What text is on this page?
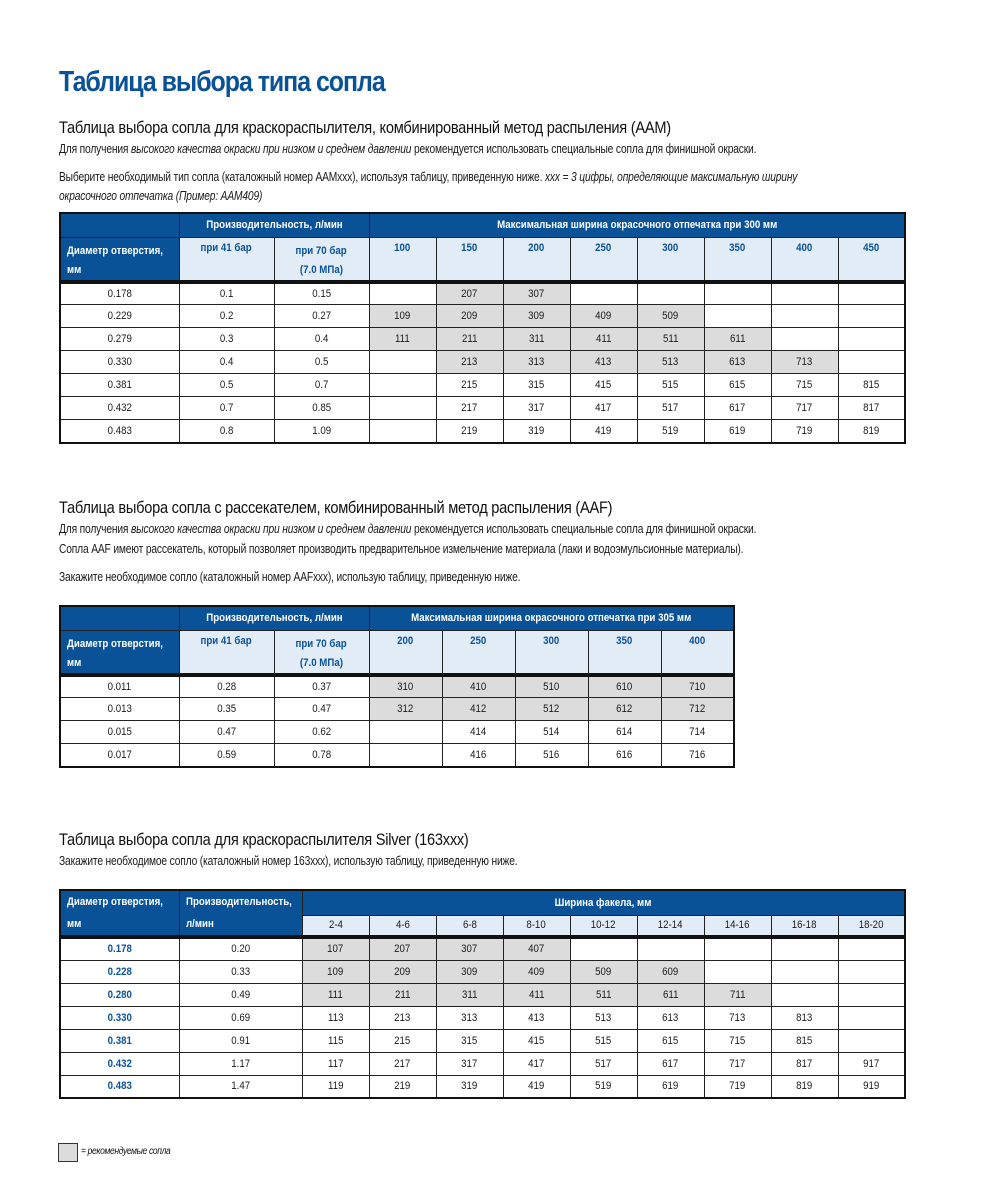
Таблица выбора типа сопла
Таблица выбора сопла для краскораспылителя, комбинированный метод распыления (AAM)
Для получения высокого качества окраски при низком и среднем давлении рекомендуется использовать специальные сопла для финишной окраски.
Выберите необходимый тип сопла (каталожный номер AAMxxx), используя таблицу, приведенную ниже. xxx = 3 цифры, определяющие максимальную ширину
окрасочного отпечатка (Пример: AAM409)
	Производительность, л/мин		Максимальная ширина окрасочного отпечатка при 300 мм							
Диаметр отверстия,
мм	при 41 бар	при 70 бар
(7.0 МПа)	100	150	200	250	300	350	400	450
0.178	0.1	0.15		207	307					
0.229	0.2	0.27	109	209	309	409	509			
0.279	0.3	0.4	111	211	311	411	511	611		
0.330	0.4	0.5		213	313	413	513	613	713	
0.381	0.5	0.7		215	315	415	515	615	715	815
0.432	0.7	0.85		217	317	417	517	617	717	817
0.483	0.8	1.09		219	319	419	519	619	719	819
Таблица выбора сопла с рассекателем, комбинированный метод распыления (AAF)
Для получения высокого качества окраски при низком и среднем давлении рекомендуется использовать специальные сопла для финишной окраски.
Сопла AAF имеют рассекатель, который позволяет производить предварительное измельчение материала (лаки и водоэмульсионные материалы).
Закажите необходимое сопло (каталожный номер AAFxxx), использую таблицу, приведенную ниже.
	Производительность, л/мин		Максимальная ширина окрасочного отпечатка при 305 мм				
Диаметр отверстия,
мм	при 41 бар	при 70 бар
(7.0 МПа)	200	250	300	350	400
0.011	0.28	0.37	310	410	510	610	710
0.013	0.35	0.47	312	412	512	612	712
0.015	0.47	0.62		414	514	614	714
0.017	0.59	0.78		416	516	616	716
Таблица выбора сопла для краскораспылителя Silver (163xxx)
Закажите необходимое сопло (каталожный номер 163xxx), использую таблицу, приведенную ниже.
Диаметр отверстия,
мм	Производительность,
л/мин	Ширина факела, мм								
		2-4	4-6	6-8	8-10	10-12	12-14	14-16	16-18	18-20
0.178	0.20	107	207	307	407					
0.228	0.33	109	209	309	409	509	609			
0.280	0.49	111	211	311	411	511	611	711		
0.330	0.69	113	213	313	413	513	613	713	813	
0.381	0.91	115	215	315	415	515	615	715	815	
0.432	1.17	117	217	317	417	517	617	717	817	917
0.483	1.47	119	219	319	419	519	619	719	819	919
= рекомендуемые сопла
